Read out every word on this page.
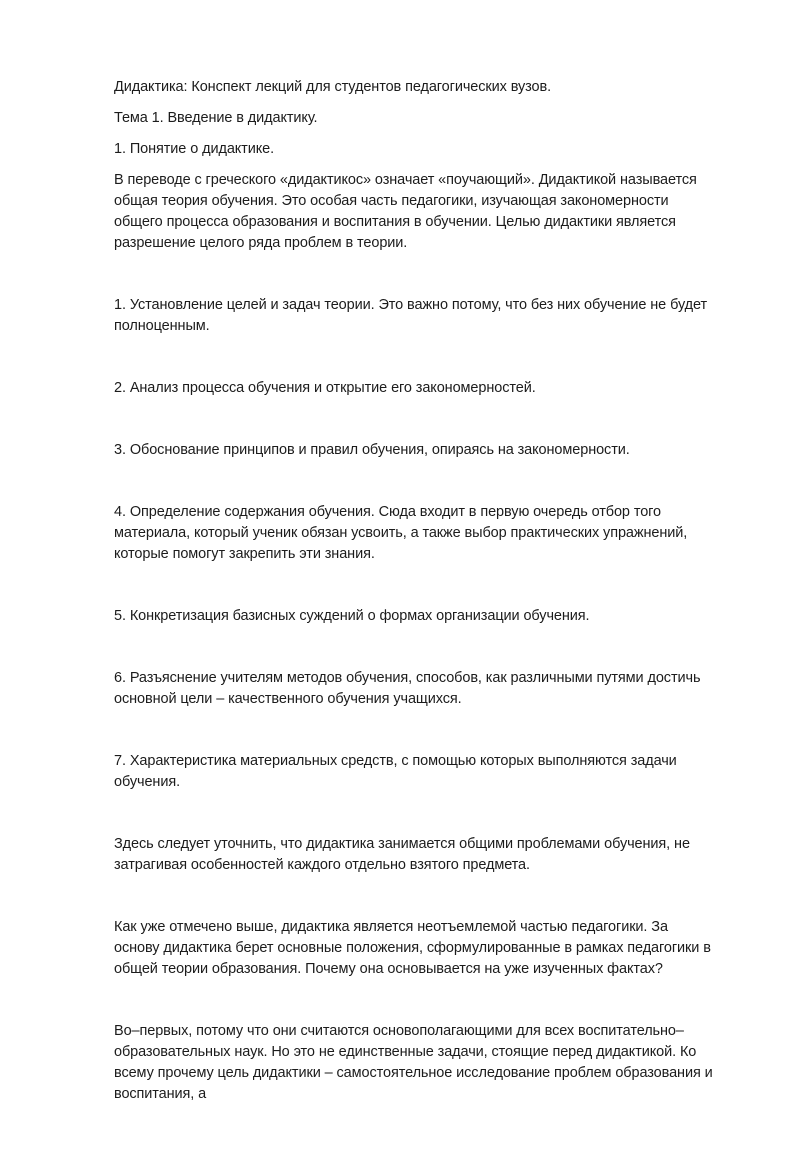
Дидактика: Конспект лекций для студентов педагогических вузов.

Тема 1. Введение в дидактику.

1. Понятие о дидактике.

В переводе с греческого «дидактикос» означает «поучающий». Дидактикой называется общая теория обучения. Это особая часть педагогики, изучающая закономерности общего процесса образования и воспитания в обучении. Целью дидактики является разрешение целого ряда проблем в теории.

1. Установление целей и задач теории. Это важно потому, что без них обучение не будет полноценным.

2. Анализ процесса обучения и открытие его закономерностей.

3. Обоснование принципов и правил обучения, опираясь на закономерности.

4. Определение содержания обучения. Сюда входит в первую очередь отбор того материала, который ученик обязан усвоить, а также выбор практических упражнений, которые помогут закрепить эти знания.

5. Конкретизация базисных суждений о формах организации обучения.

6. Разъяснение учителям методов обучения, способов, как различными путями достичь основной цели – качественного обучения учащихся.

7. Характеристика материальных средств, с помощью которых выполняются задачи обучения.

Здесь следует уточнить, что дидактика занимается общими проблемами обучения, не затрагивая особенностей каждого отдельно взятого предмета.

Как уже отмечено выше, дидактика является неотъемлемой частью педагогики. За основу дидактика берет основные положения, сформулированные в рамках педагогики в общей теории образования. Почему она основывается на уже изученных фактах?

Во–первых, потому что они считаются основополагающими для всех воспитательно–образовательных наук. Но это не единственные задачи, стоящие перед дидактикой. Ко всему прочему цель дидактики – самостоятельное исследование проблем образования и воспитания, а
